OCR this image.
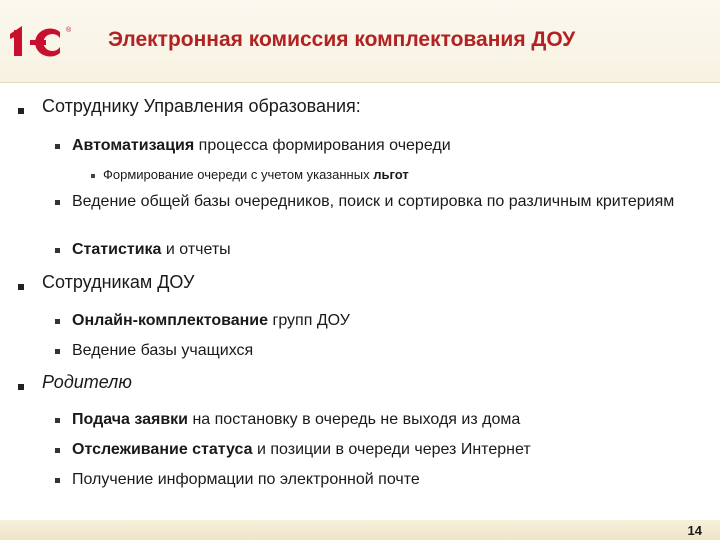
® Электронная комиссия комплектования ДОУ
Сотруднику Управления образования:
Автоматизация процесса формирования очереди
Формирование очереди с учетом указанных льгот
Ведение общей базы очередников, поиск и сортировка по различным критериям
Статистика и отчеты
Сотрудникам ДОУ
Онлайн-комплектование групп ДОУ
Ведение базы учащихся
Родителю
Подача заявки на постановку в очередь не выходя из дома
Отслеживание статуса и позиции в очереди через Интернет
Получение информации по электронной почте
14
